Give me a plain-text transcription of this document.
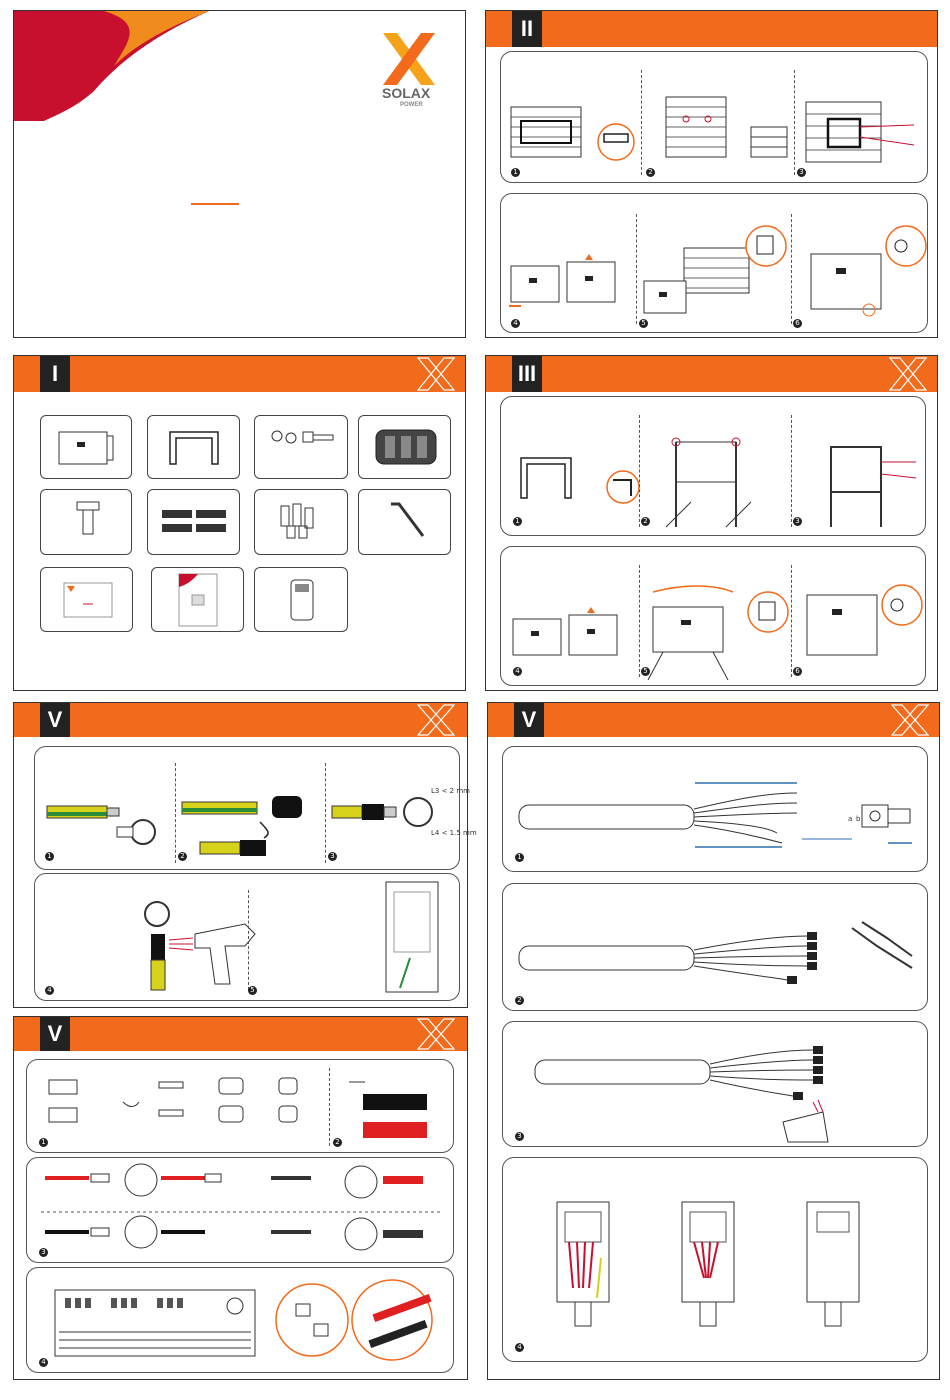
SOLAX
POWER
II
1	2	3
4	5	6
I	III
1	2	3
4	5	6
V
1	2
L3 < 2 mm
L4 < 1.5 mm
3
4	5
V
a b
1
2
3
4
V
1	2
3
4
